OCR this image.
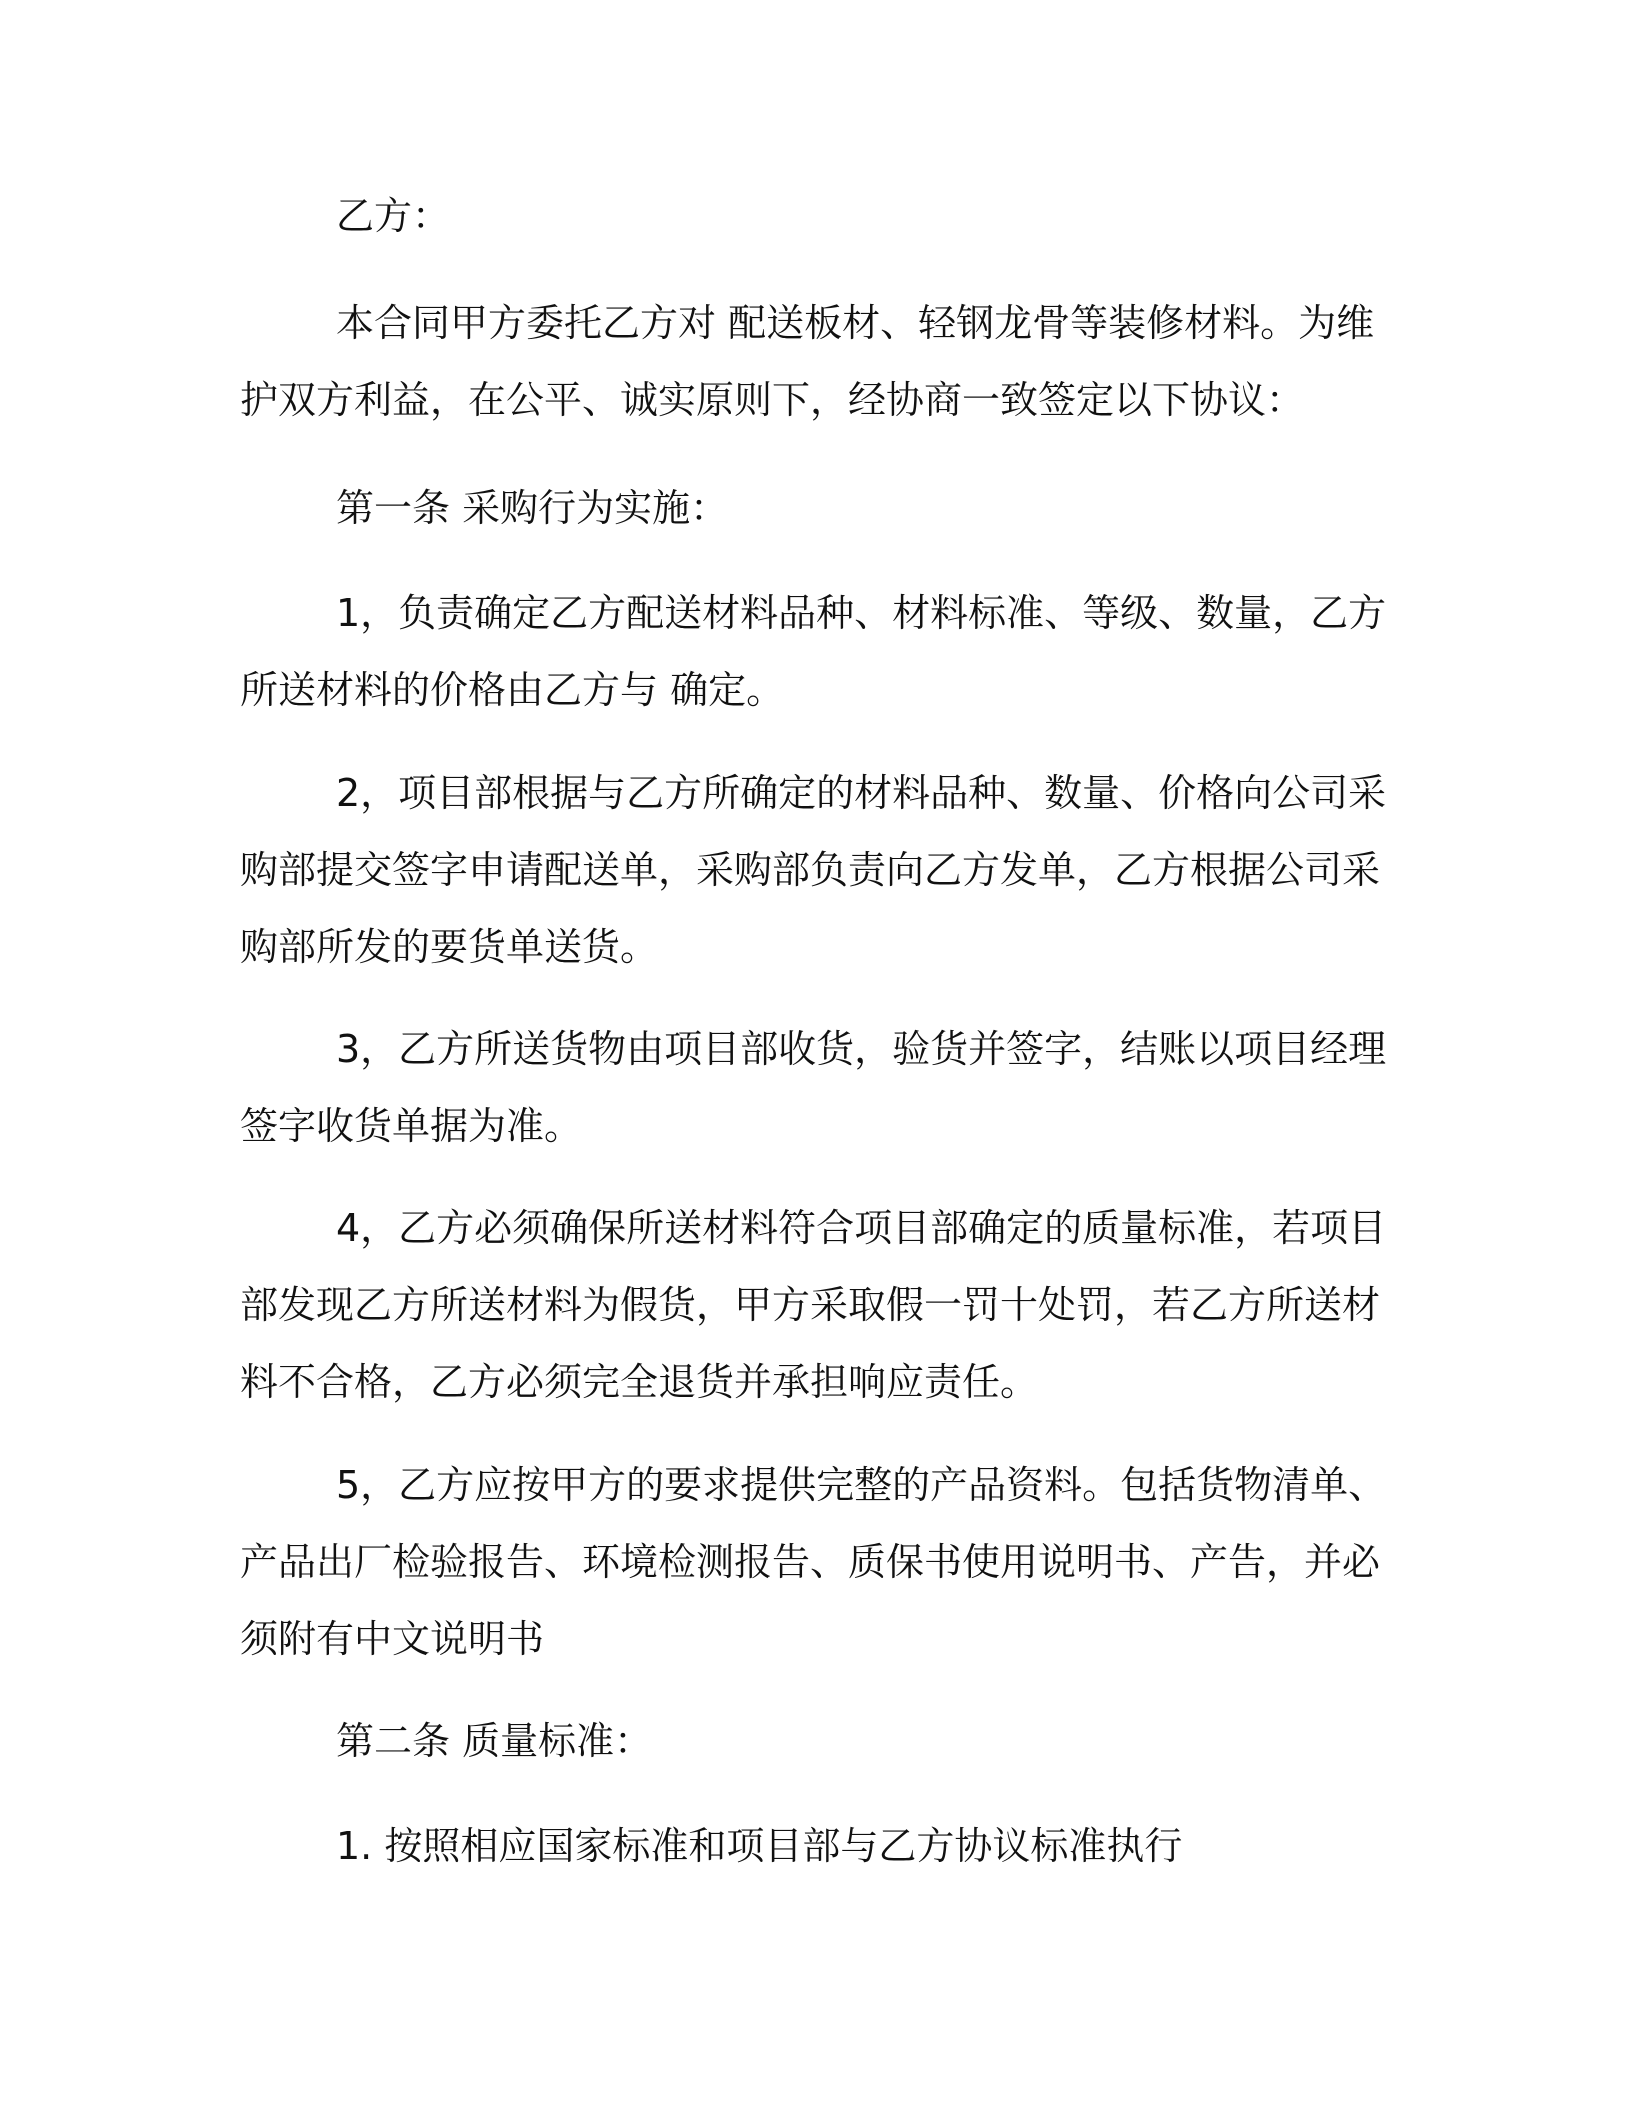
乙方：

本合同甲方委托乙方对 配送板材、轻钢龙骨等装修材料。为维护双方利益，在公平、诚实原则下，经协商一致签定以下协议：

第一条 采购行为实施：

1，负责确定乙方配送材料品种、材料标准、等级、数量，乙方所送材料的价格由乙方与 确定。

2，项目部根据与乙方所确定的材料品种、数量、价格向公司采购部提交签字申请配送单，采购部负责向乙方发单，乙方根据公司采购部所发的要货单送货。

3，乙方所送货物由项目部收货，验货并签字，结账以项目经理签字收货单据为准。

4，乙方必须确保所送材料符合项目部确定的质量标准，若项目部发现乙方所送材料为假货，甲方采取假一罚十处罚，若乙方所送材料不合格，乙方必须完全退货并承担响应责任。

5，乙方应按甲方的要求提供完整的产品资料。包括货物清单、产品出厂检验报告、环境检测报告、质保书使用说明书、产告，并必须附有中文说明书

第二条 质量标准：

1. 按照相应国家标准和项目部与乙方协议标准执行
